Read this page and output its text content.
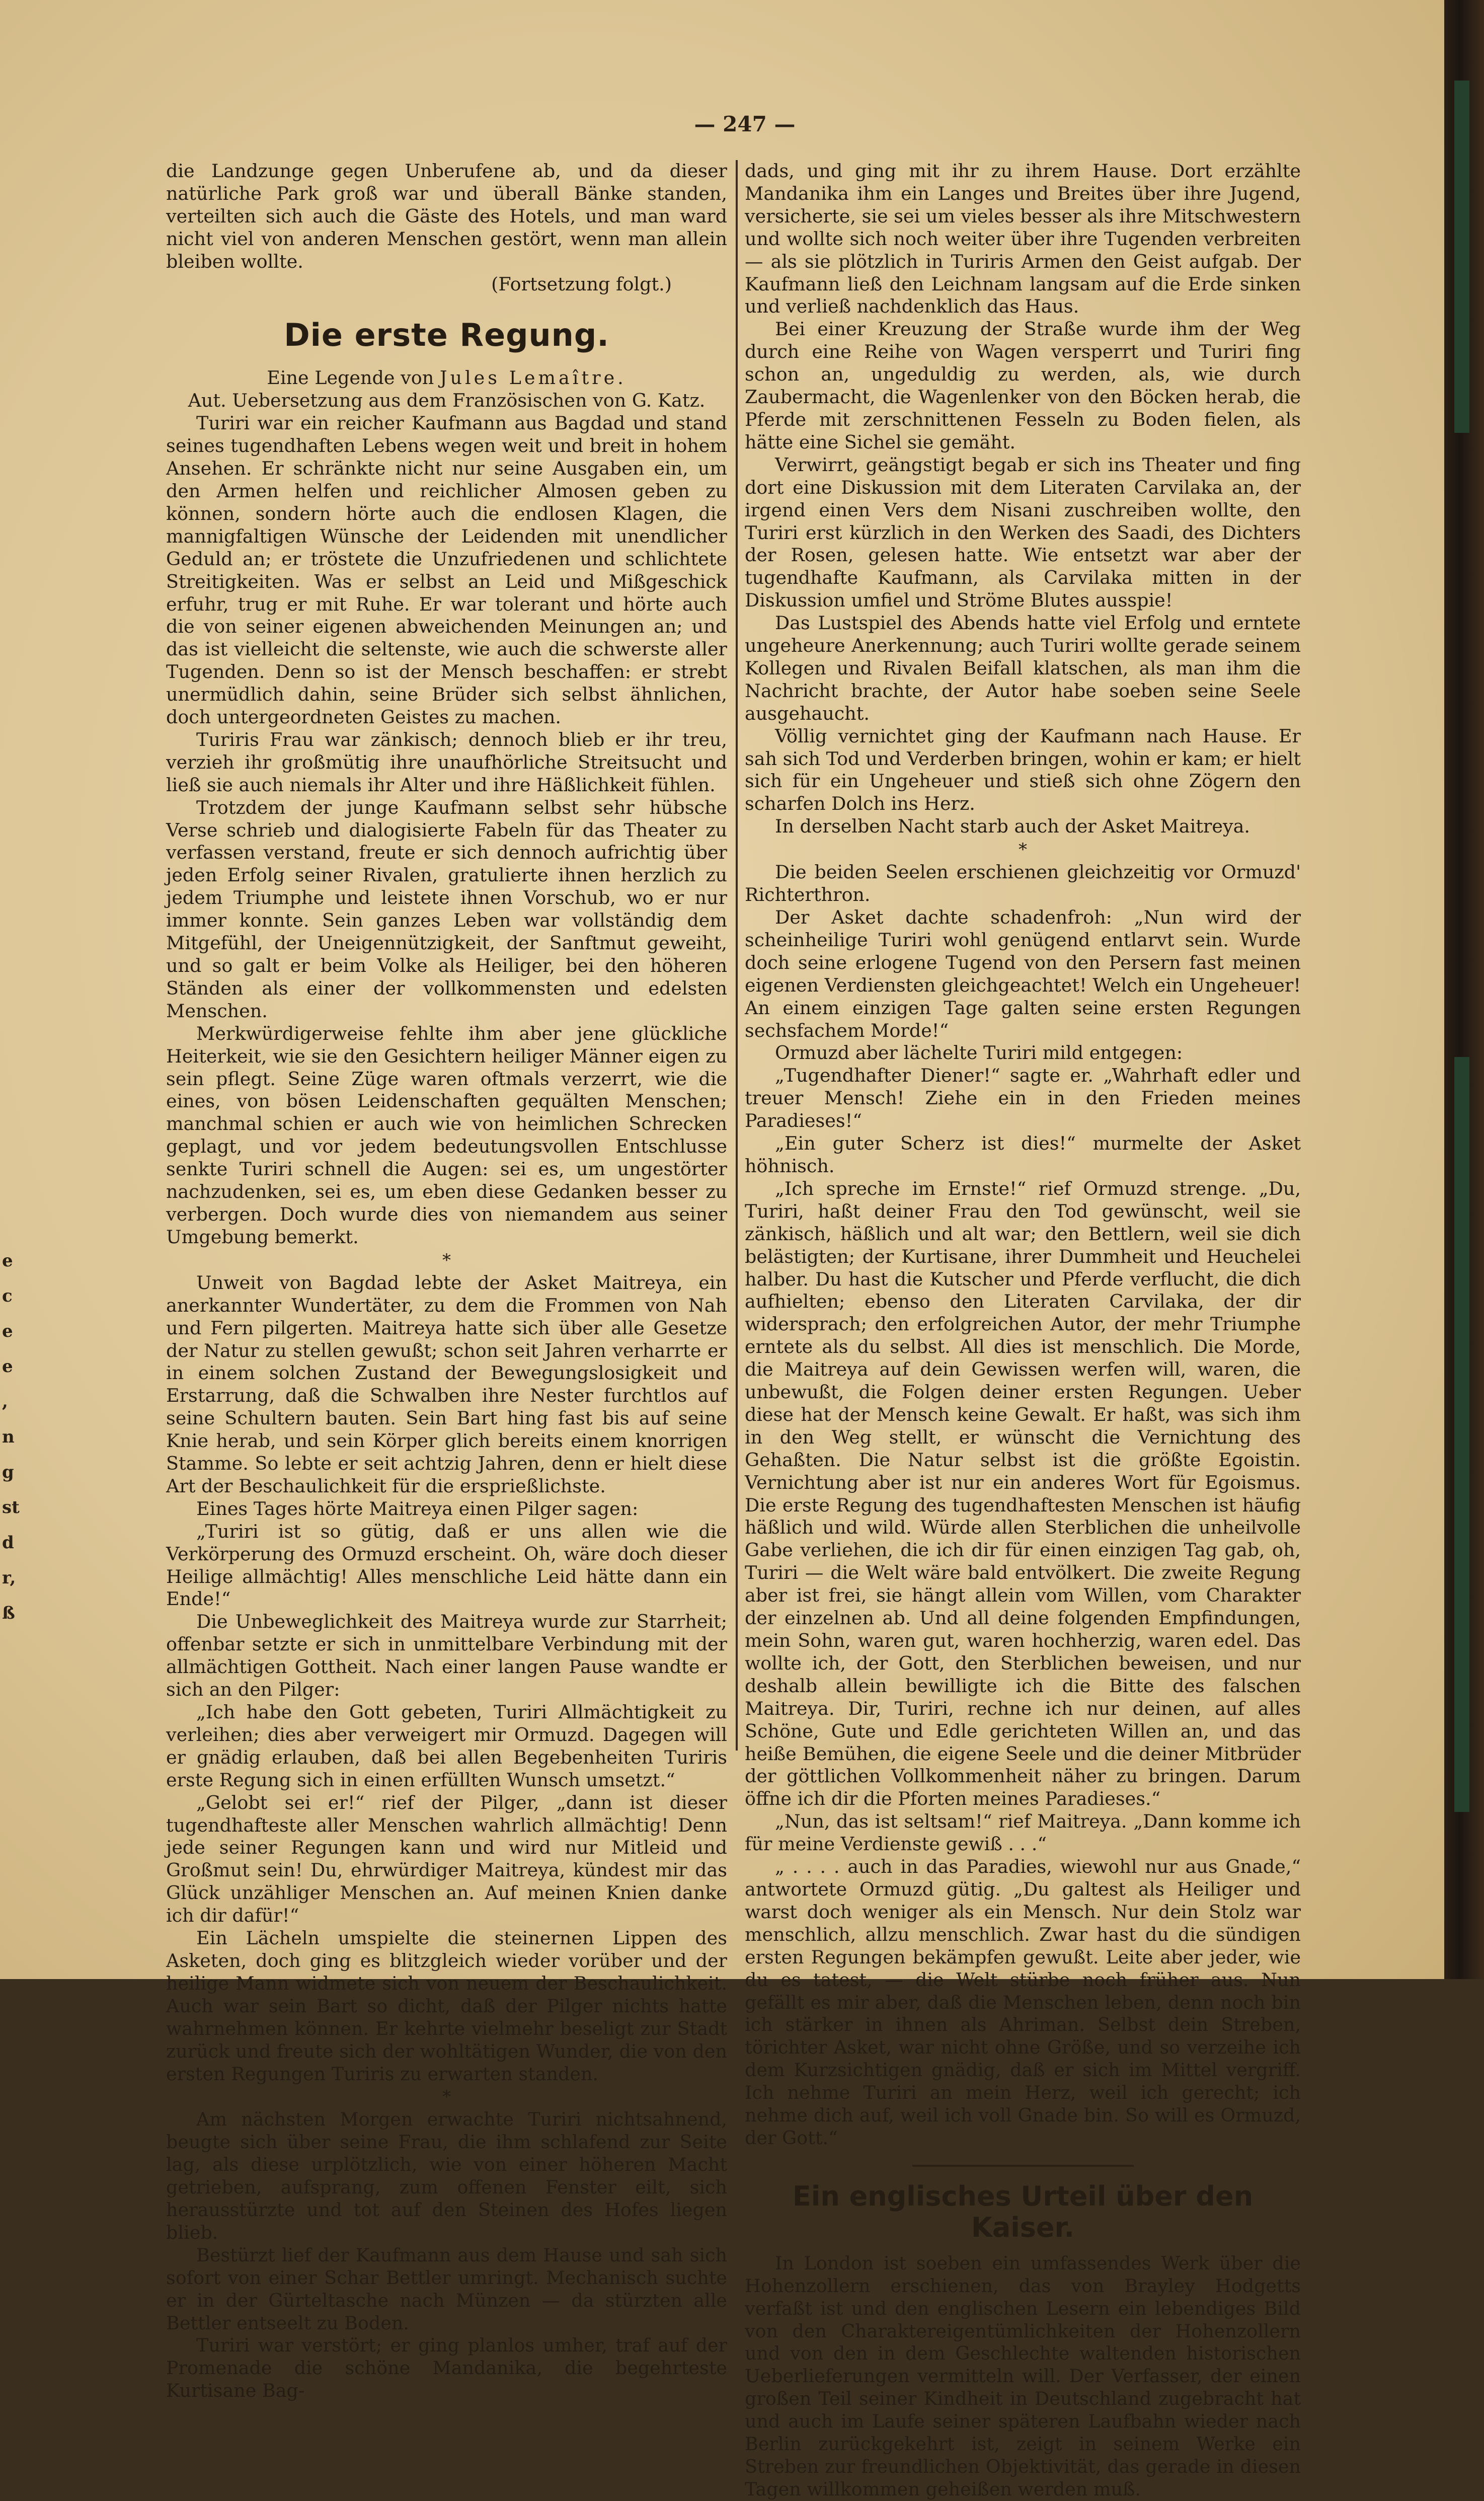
— 247 —

die Landzunge gegen Unberufene ab, und da dieser natürliche Park groß war und überall Bänke standen, verteilten sich auch die Gäste des Hotels, und man ward nicht viel von anderen Menschen gestört, wenn man allein bleiben wollte.

(Fortsetzung folgt.)

Die erste Regung.

Eine Legende von Jules Lemaître.

Aut. Uebersetzung aus dem Französischen von G. Katz.

Turiri war ein reicher Kaufmann aus Bagdad und stand seines tugendhaften Lebens wegen weit und breit in hohem Ansehen. Er schränkte nicht nur seine Ausgaben ein, um den Armen helfen und reichlicher Almosen geben zu können, sondern hörte auch die endlosen Klagen, die mannigfaltigen Wünsche der Leidenden mit unendlicher Geduld an; er tröstete die Unzufriedenen und schlichtete Streitigkeiten. Was er selbst an Leid und Mißgeschick erfuhr, trug er mit Ruhe. Er war tolerant und hörte auch die von seiner eigenen abweichenden Meinungen an; und das ist vielleicht die seltenste, wie auch die schwerste aller Tugenden. Denn so ist der Mensch beschaffen: er strebt unermüdlich dahin, seine Brüder sich selbst ähnlichen, doch untergeordneten Geistes zu machen.

Turiris Frau war zänkisch; dennoch blieb er ihr treu, verzieh ihr großmütig ihre unaufhörliche Streitsucht und ließ sie auch niemals ihr Alter und ihre Häßlichkeit fühlen.

Trotzdem der junge Kaufmann selbst sehr hübsche Verse schrieb und dialogisierte Fabeln für das Theater zu verfassen verstand, freute er sich dennoch aufrichtig über jeden Erfolg seiner Rivalen, gratulierte ihnen herzlich zu jedem Triumphe und leistete ihnen Vorschub, wo er nur immer konnte. Sein ganzes Leben war vollständig dem Mitgefühl, der Uneigennützigkeit, der Sanftmut geweiht, und so galt er beim Volke als Heiliger, bei den höheren Ständen als einer der vollkommensten und edelsten Menschen.

Merkwürdigerweise fehlte ihm aber jene glückliche Heiterkeit, wie sie den Gesichtern heiliger Männer eigen zu sein pflegt. Seine Züge waren oftmals verzerrt, wie die eines, von bösen Leidenschaften gequälten Menschen; manchmal schien er auch wie von heimlichen Schrecken geplagt, und vor jedem bedeutungsvollen Entschlusse senkte Turiri schnell die Augen: sei es, um ungestörter nachzudenken, sei es, um eben diese Gedanken besser zu verbergen. Doch wurde dies von niemandem aus seiner Umgebung bemerkt.

*

Unweit von Bagdad lebte der Asket Maitreya, ein anerkannter Wundertäter, zu dem die Frommen von Nah und Fern pilgerten. Maitreya hatte sich über alle Gesetze der Natur zu stellen gewußt; schon seit Jahren verharrte er in einem solchen Zustand der Bewegungslosigkeit und Erstarrung, daß die Schwalben ihre Nester furchtlos auf seine Schultern bauten. Sein Bart hing fast bis auf seine Knie herab, und sein Körper glich bereits einem knorrigen Stamme. So lebte er seit achtzig Jahren, denn er hielt diese Art der Beschaulichkeit für die ersprießlichste.

Eines Tages hörte Maitreya einen Pilger sagen:

„Turiri ist so gütig, daß er uns allen wie die Verkörperung des Ormuzd erscheint. Oh, wäre doch dieser Heilige allmächtig! Alles menschliche Leid hätte dann ein Ende!“

Die Unbeweglichkeit des Maitreya wurde zur Starrheit; offenbar setzte er sich in unmittelbare Verbindung mit der allmächtigen Gottheit. Nach einer langen Pause wandte er sich an den Pilger:

„Ich habe den Gott gebeten, Turiri Allmächtigkeit zu verleihen; dies aber verweigert mir Ormuzd. Dagegen will er gnädig erlauben, daß bei allen Begebenheiten Turiris erste Regung sich in einen erfüllten Wunsch umsetzt.“

„Gelobt sei er!“ rief der Pilger, „dann ist dieser tugendhafteste aller Menschen wahrlich allmächtig! Denn jede seiner Regungen kann und wird nur Mitleid und Großmut sein! Du, ehrwürdiger Maitreya, kündest mir das Glück unzähliger Menschen an. Auf meinen Knien danke ich dir dafür!“

Ein Lächeln umspielte die steinernen Lippen des Asketen, doch ging es blitzgleich wieder vorüber und der heilige Mann widmete sich von neuem der Beschaulichkeit. Auch war sein Bart so dicht, daß der Pilger nichts hatte wahrnehmen können. Er kehrte vielmehr beseligt zur Stadt zurück und freute sich der wohltätigen Wunder, die von den ersten Regungen Turiris zu erwarten standen.

*

Am nächsten Morgen erwachte Turiri nichtsahnend, beugte sich über seine Frau, die ihm schlafend zur Seite lag, als diese urplötzlich, wie von einer höheren Macht getrieben, aufsprang, zum offenen Fenster eilt, sich herausstürzte und tot auf den Steinen des Hofes liegen blieb.

Bestürzt lief der Kaufmann aus dem Hause und sah sich sofort von einer Schar Bettler umringt. Mechanisch suchte er in der Gürteltasche nach Münzen — da stürzten alle Bettler entseelt zu Boden.

Turiri war verstört; er ging planlos umher, traf auf der Promenade die schöne Mandanika, die begehrteste Kurtisane Bag-

dads, und ging mit ihr zu ihrem Hause. Dort erzählte Mandanika ihm ein Langes und Breites über ihre Jugend, versicherte, sie sei um vieles besser als ihre Mitschwestern und wollte sich noch weiter über ihre Tugenden verbreiten — als sie plötzlich in Turiris Armen den Geist aufgab. Der Kaufmann ließ den Leichnam langsam auf die Erde sinken und verließ nachdenklich das Haus.

Bei einer Kreuzung der Straße wurde ihm der Weg durch eine Reihe von Wagen versperrt und Turiri fing schon an, ungeduldig zu werden, als, wie durch Zaubermacht, die Wagenlenker von den Böcken herab, die Pferde mit zerschnittenen Fesseln zu Boden fielen, als hätte eine Sichel sie gemäht.

Verwirrt, geängstigt begab er sich ins Theater und fing dort eine Diskussion mit dem Literaten Carvilaka an, der irgend einen Vers dem Nisani zuschreiben wollte, den Turiri erst kürzlich in den Werken des Saadi, des Dichters der Rosen, gelesen hatte. Wie entsetzt war aber der tugendhafte Kaufmann, als Carvilaka mitten in der Diskussion umfiel und Ströme Blutes ausspie!

Das Lustspiel des Abends hatte viel Erfolg und erntete ungeheure Anerkennung; auch Turiri wollte gerade seinem Kollegen und Rivalen Beifall klatschen, als man ihm die Nachricht brachte, der Autor habe soeben seine Seele ausgehaucht.

Völlig vernichtet ging der Kaufmann nach Hause. Er sah sich Tod und Verderben bringen, wohin er kam; er hielt sich für ein Ungeheuer und stieß sich ohne Zögern den scharfen Dolch ins Herz.

In derselben Nacht starb auch der Asket Maitreya.

*

Die beiden Seelen erschienen gleichzeitig vor Ormuzd' Richterthron.

Der Asket dachte schadenfroh: „Nun wird der scheinheilige Turiri wohl genügend entlarvt sein. Wurde doch seine erlogene Tugend von den Persern fast meinen eigenen Verdiensten gleichgeachtet! Welch ein Ungeheuer! An einem einzigen Tage galten seine ersten Regungen sechsfachem Morde!“

Ormuzd aber lächelte Turiri mild entgegen:

„Tugendhafter Diener!“ sagte er. „Wahrhaft edler und treuer Mensch! Ziehe ein in den Frieden meines Paradieses!“

„Ein guter Scherz ist dies!“ murmelte der Asket höhnisch.

„Ich spreche im Ernste!“ rief Ormuzd strenge. „Du, Turiri, haßt deiner Frau den Tod gewünscht, weil sie zänkisch, häßlich und alt war; den Bettlern, weil sie dich belästigten; der Kurtisane, ihrer Dummheit und Heuchelei halber. Du hast die Kutscher und Pferde verflucht, die dich aufhielten; ebenso den Literaten Carvilaka, der dir widersprach; den erfolgreichen Autor, der mehr Triumphe erntete als du selbst. All dies ist menschlich. Die Morde, die Maitreya auf dein Gewissen werfen will, waren, die unbewußt, die Folgen deiner ersten Regungen. Ueber diese hat der Mensch keine Gewalt. Er haßt, was sich ihm in den Weg stellt, er wünscht die Vernichtung des Gehaßten. Die Natur selbst ist die größte Egoistin. Vernichtung aber ist nur ein anderes Wort für Egoismus. Die erste Regung des tugendhaftesten Menschen ist häufig häßlich und wild. Würde allen Sterblichen die unheilvolle Gabe verliehen, die ich dir für einen einzigen Tag gab, oh, Turiri — die Welt wäre bald entvölkert. Die zweite Regung aber ist frei, sie hängt allein vom Willen, vom Charakter der einzelnen ab. Und all deine folgenden Empfindungen, mein Sohn, waren gut, waren hochherzig, waren edel. Das wollte ich, der Gott, den Sterblichen beweisen, und nur deshalb allein bewilligte ich die Bitte des falschen Maitreya. Dir, Turiri, rechne ich nur deinen, auf alles Schöne, Gute und Edle gerichteten Willen an, und das heiße Bemühen, die eigene Seele und die deiner Mitbrüder der göttlichen Vollkommenheit näher zu bringen. Darum öffne ich dir die Pforten meines Paradieses.“

„Nun, das ist seltsam!“ rief Maitreya. „Dann komme ich für meine Verdienste gewiß . . .“

„ . . . . auch in das Paradies, wiewohl nur aus Gnade,“ antwortete Ormuzd gütig. „Du galtest als Heiliger und warst doch weniger als ein Mensch. Nur dein Stolz war menschlich, allzu menschlich. Zwar hast du die sündigen ersten Regungen bekämpfen gewußt. Leite aber jeder, wie du es tatest, — die Welt stürbe noch früher aus. Nun gefällt es mir aber, daß die Menschen leben, denn noch bin ich stärker in ihnen als Ahriman. Selbst dein Streben, törichter Asket, war nicht ohne Größe, und so verzeihe ich dem Kurzsichtigen gnädig, daß er sich im Mittel vergriff. Ich nehme Turiri an mein Herz, weil ich gerecht; ich nehme dich auf, weil ich voll Gnade bin. So will es Ormuzd, der Gott.“

Ein englisches Urteil über den Kaiser.

In London ist soeben ein umfassendes Werk über die Hohenzollern erschienen, das von Brayley Hodgetts verfaßt ist und den englischen Lesern ein lebendiges Bild von den Charaktereigentümlichkeiten der Hohenzollern und von den in dem Geschlechte waltenden historischen Ueberlieferungen vermitteln will. Der Verfasser, der einen großen Teil seiner Kindheit in Deutschland zugebracht hat und auch im Laufe seiner späteren Laufbahn wieder nach Berlin zurückgekehrt ist, zeigt in seinem Werke ein Streben zur freundlichen Objektivität, das gerade in diesen Tagen willkommen geheißen werden muß.

e
c
e
e
,
n
g
st
d
r,
ß
